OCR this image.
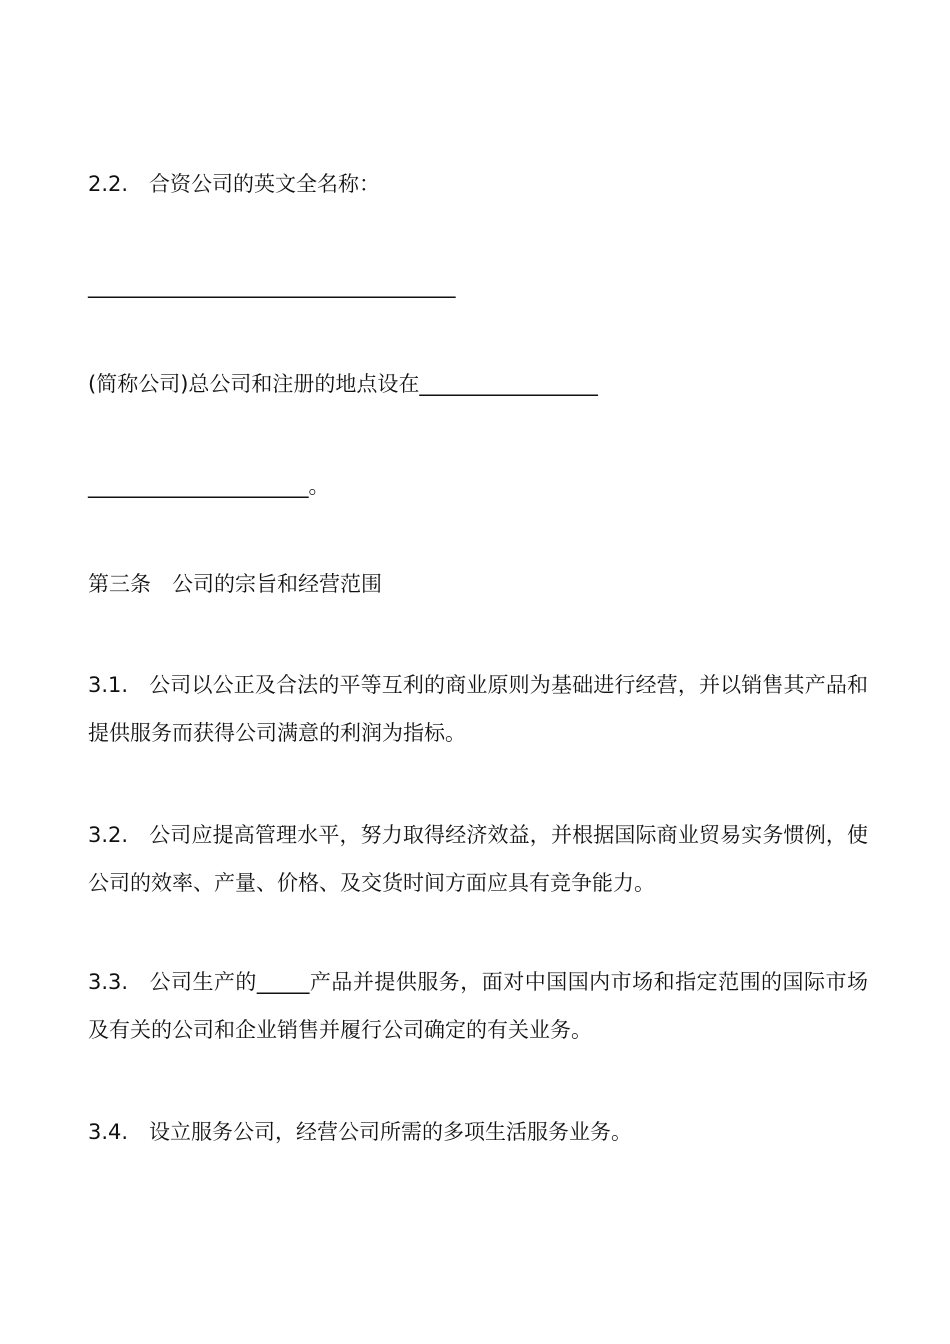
2.2. 合资公司的英文全名称：
___________________________________
(简称公司)总公司和注册的地点设在_________________
_____________________。
第三条　公司的宗旨和经营范围
3.1. 公司以公正及合法的平等互利的商业原则为基础进行经营，并以销售其产品和提供服务而获得公司满意的利润为指标。
3.2. 公司应提高管理水平，努力取得经济效益，并根据国际商业贸易实务惯例，使公司的效率、产量、价格、及交货时间方面应具有竞争能力。
3.3. 公司生产的_____产品并提供服务，面对中国国内市场和指定范围的国际市场及有关的公司和企业销售并履行公司确定的有关业务。
3.4. 设立服务公司，经营公司所需的多项生活服务业务。
